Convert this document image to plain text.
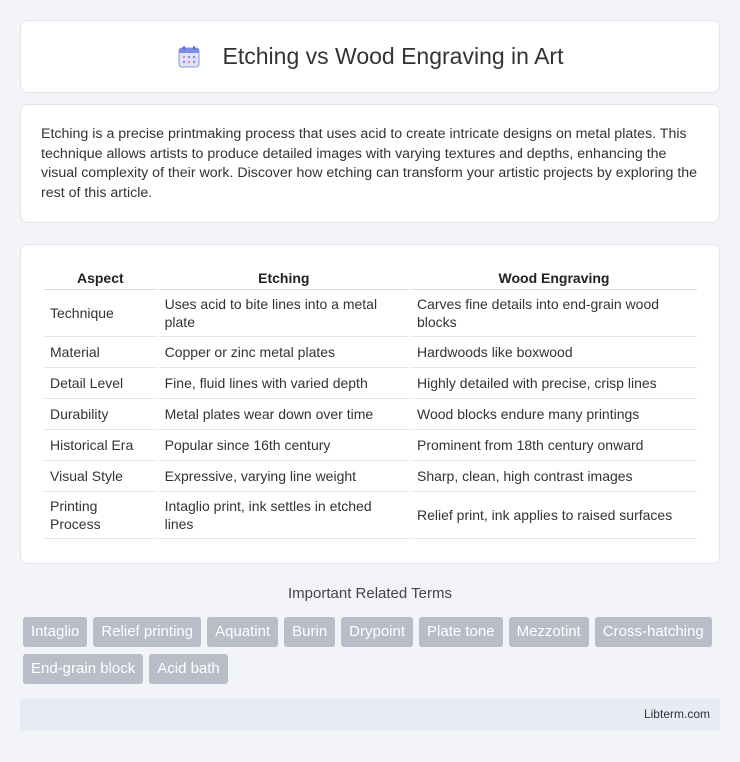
Etching vs Wood Engraving in Art

Etching is a precise printmaking process that uses acid to create intricate designs on metal plates. This technique allows artists to produce detailed images with varying textures and depths, enhancing the visual complexity of their work. Discover how etching can transform your artistic projects by exploring the rest of this article.

Aspect	Etching	Wood Engraving
Technique	Uses acid to bite lines into a metal plate	Carves fine details into end-grain wood blocks
Material	Copper or zinc metal plates	Hardwoods like boxwood
Detail Level	Fine, fluid lines with varied depth	Highly detailed with precise, crisp lines
Durability	Metal plates wear down over time	Wood blocks endure many printings
Historical Era	Popular since 16th century	Prominent from 18th century onward
Visual Style	Expressive, varying line weight	Sharp, clean, high contrast images
Printing Process	Intaglio print, ink settles in etched lines	Relief print, ink applies to raised surfaces
Important Related Terms
Intaglio	Relief printing	Aquatint	Burin	Drypoint	Plate tone	Mezzotint	Cross-hatching
End-grain block	Acid bath
Libterm.com
